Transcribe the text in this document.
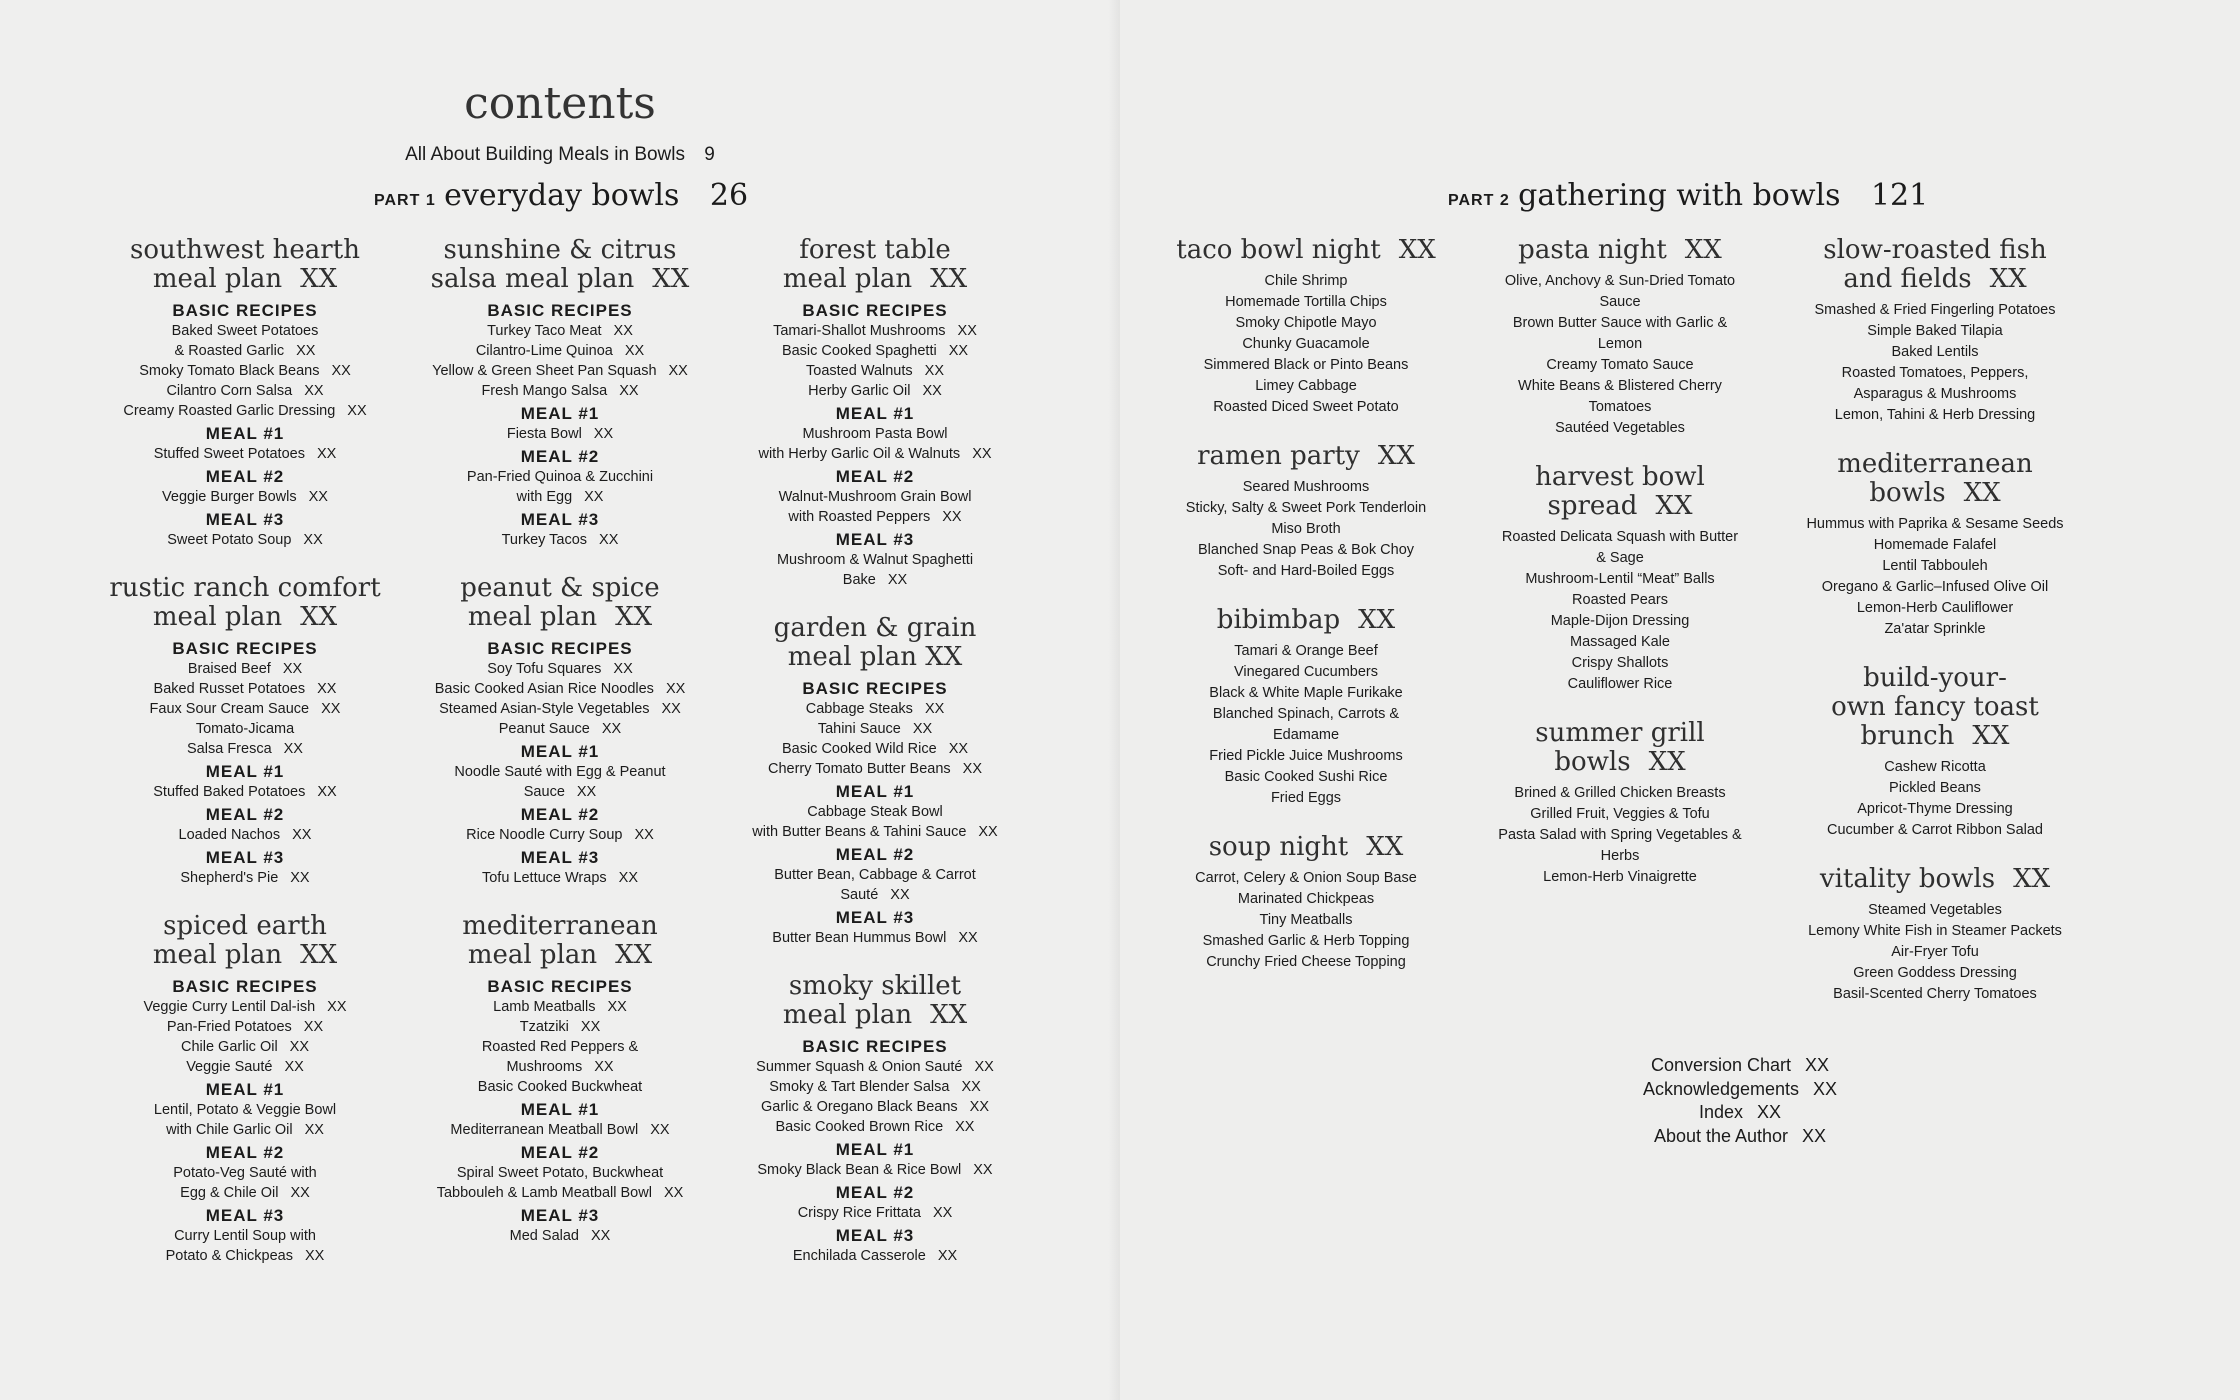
contents
All About Building Meals in Bowls 9
PART 1 everyday bowls 26
southwest hearth
meal plan XX
BASIC RECIPES
Baked Sweet Potatoes
& Roasted Garlic XX
Smoky Tomato Black Beans XX
Cilantro Corn Salsa XX
Creamy Roasted Garlic Dressing XX
MEAL #1
Stuffed Sweet Potatoes XX
MEAL #2
Veggie Burger Bowls XX
MEAL #3
Sweet Potato Soup XX
rustic ranch comfort
meal plan XX
BASIC RECIPES
Braised Beef XX
Baked Russet Potatoes XX
Faux Sour Cream Sauce XX
Tomato-Jicama
Salsa Fresca XX
MEAL #1
Stuffed Baked Potatoes XX
MEAL #2
Loaded Nachos XX
MEAL #3
Shepherd's Pie XX
spiced earth
meal plan XX
BASIC RECIPES
Veggie Curry Lentil Dal-ish XX
Pan-Fried Potatoes XX
Chile Garlic Oil XX
Veggie Sauté XX
MEAL #1
Lentil, Potato & Veggie Bowl
with Chile Garlic Oil XX
MEAL #2
Potato-Veg Sauté with
Egg & Chile Oil XX
MEAL #3
Curry Lentil Soup with
Potato & Chickpeas XX
sunshine & citrus
salsa meal plan XX
BASIC RECIPES
Turkey Taco Meat XX
Cilantro-Lime Quinoa XX
Yellow & Green Sheet Pan Squash XX
Fresh Mango Salsa XX
MEAL #1
Fiesta Bowl XX
MEAL #2
Pan-Fried Quinoa & Zucchini
with Egg XX
MEAL #3
Turkey Tacos XX
peanut & spice
meal plan XX
BASIC RECIPES
Soy Tofu Squares XX
Basic Cooked Asian Rice Noodles XX
Steamed Asian-Style Vegetables XX
Peanut Sauce XX
MEAL #1
Noodle Sauté with Egg & Peanut
Sauce XX
MEAL #2
Rice Noodle Curry Soup XX
MEAL #3
Tofu Lettuce Wraps XX
mediterranean
meal plan XX
BASIC RECIPES
Lamb Meatballs XX
Tzatziki XX
Roasted Red Peppers &
Mushrooms XX
Basic Cooked Buckwheat
MEAL #1
Mediterranean Meatball Bowl XX
MEAL #2
Spiral Sweet Potato, Buckwheat
Tabbouleh & Lamb Meatball Bowl XX
MEAL #3
Med Salad XX
forest table
meal plan XX
BASIC RECIPES
Tamari-Shallot Mushrooms XX
Basic Cooked Spaghetti XX
Toasted Walnuts XX
Herby Garlic Oil XX
MEAL #1
Mushroom Pasta Bowl
with Herby Garlic Oil & Walnuts XX
MEAL #2
Walnut-Mushroom Grain Bowl
with Roasted Peppers XX
MEAL #3
Mushroom & Walnut Spaghetti
Bake XX
garden & grain
meal plan XX
BASIC RECIPES
Cabbage Steaks XX
Tahini Sauce XX
Basic Cooked Wild Rice XX
Cherry Tomato Butter Beans XX
MEAL #1
Cabbage Steak Bowl
with Butter Beans & Tahini Sauce XX
MEAL #2
Butter Bean, Cabbage & Carrot
Sauté XX
MEAL #3
Butter Bean Hummus Bowl XX
smoky skillet
meal plan XX
BASIC RECIPES
Summer Squash & Onion Sauté XX
Smoky & Tart Blender Salsa XX
Garlic & Oregano Black Beans XX
Basic Cooked Brown Rice XX
MEAL #1
Smoky Black Bean & Rice Bowl XX
MEAL #2
Crispy Rice Frittata XX
MEAL #3
Enchilada Casserole XX
PART 2 gathering with bowls 121
taco bowl night XX
Chile Shrimp
Homemade Tortilla Chips
Smoky Chipotle Mayo
Chunky Guacamole
Simmered Black or Pinto Beans
Limey Cabbage
Roasted Diced Sweet Potato
ramen party XX
Seared Mushrooms
Sticky, Salty & Sweet Pork Tenderloin
Miso Broth
Blanched Snap Peas & Bok Choy
Soft- and Hard-Boiled Eggs
bibimbap XX
Tamari & Orange Beef
Vinegared Cucumbers
Black & White Maple Furikake
Blanched Spinach, Carrots &
Edamame
Fried Pickle Juice Mushrooms
Basic Cooked Sushi Rice
Fried Eggs
soup night XX
Carrot, Celery & Onion Soup Base
Marinated Chickpeas
Tiny Meatballs
Smashed Garlic & Herb Topping
Crunchy Fried Cheese Topping
pasta night XX
Olive, Anchovy & Sun-Dried Tomato
Sauce
Brown Butter Sauce with Garlic &
Lemon
Creamy Tomato Sauce
White Beans & Blistered Cherry
Tomatoes
Sautéed Vegetables
harvest bowl
spread XX
Roasted Delicata Squash with Butter
& Sage
Mushroom-Lentil “Meat” Balls
Roasted Pears
Maple-Dijon Dressing
Massaged Kale
Crispy Shallots
Cauliflower Rice
summer grill
bowls XX
Brined & Grilled Chicken Breasts
Grilled Fruit, Veggies & Tofu
Pasta Salad with Spring Vegetables &
Herbs
Lemon-Herb Vinaigrette
slow-roasted fish
and fields XX
Smashed & Fried Fingerling Potatoes
Simple Baked Tilapia
Baked Lentils
Roasted Tomatoes, Peppers,
Asparagus & Mushrooms
Lemon, Tahini & Herb Dressing
mediterranean
bowls XX
Hummus with Paprika & Sesame Seeds
Homemade Falafel
Lentil Tabbouleh
Oregano & Garlic–Infused Olive Oil
Lemon-Herb Cauliflower
Za'atar Sprinkle
build-your-
own fancy toast
brunch XX
Cashew Ricotta
Pickled Beans
Apricot-Thyme Dressing
Cucumber & Carrot Ribbon Salad
vitality bowls XX
Steamed Vegetables
Lemony White Fish in Steamer Packets
Air-Fryer Tofu
Green Goddess Dressing
Basil-Scented Cherry Tomatoes
Conversion Chart XX
Acknowledgements XX
Index XX
About the Author XX
